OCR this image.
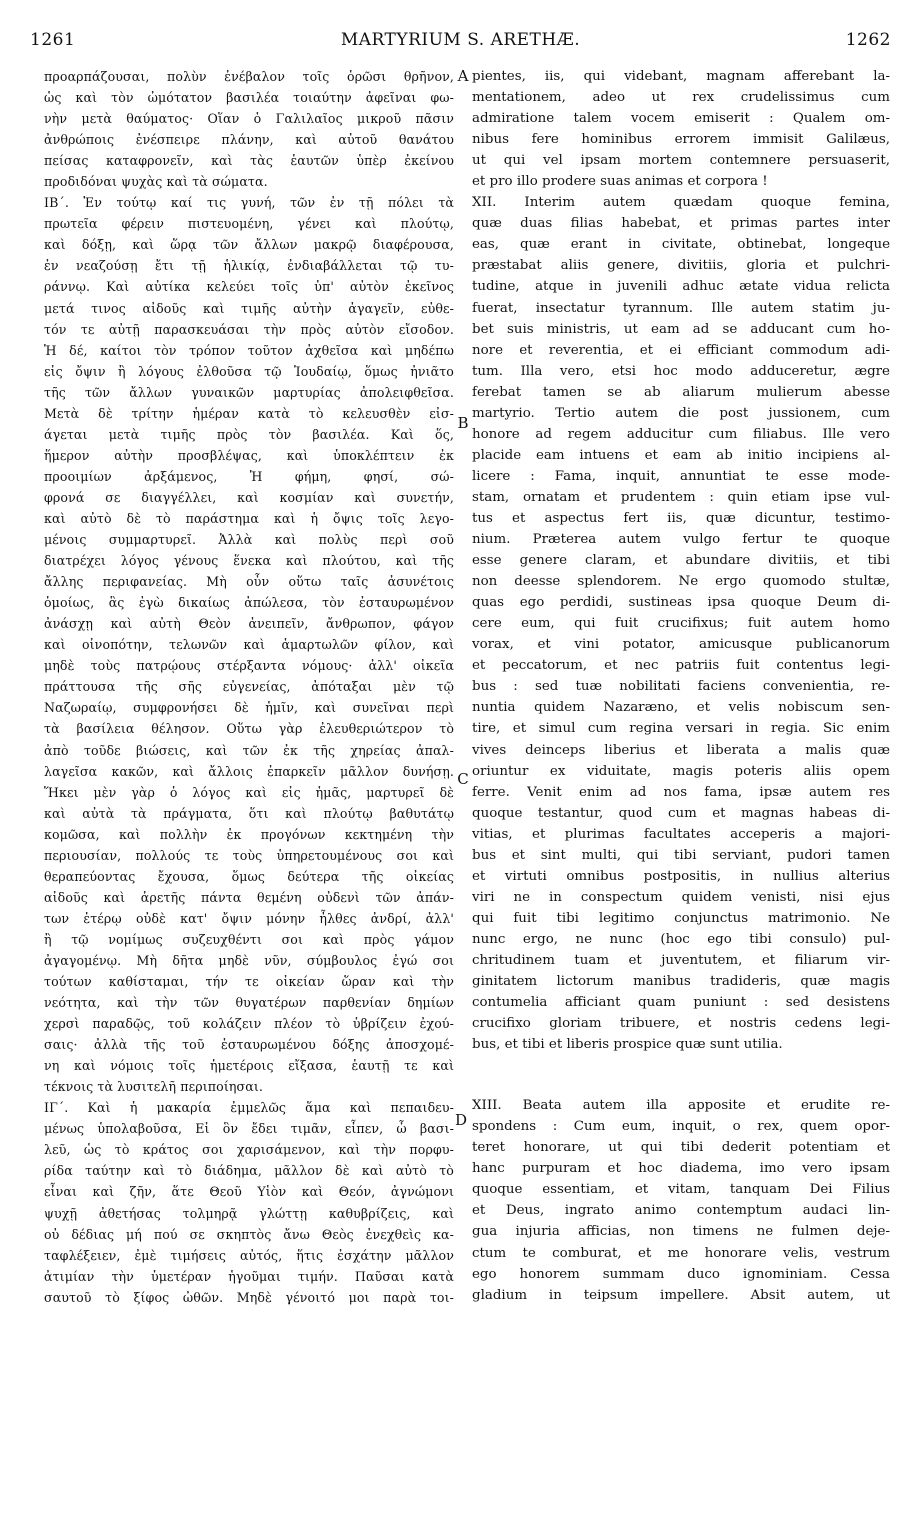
1261	MARTYRIUM S. ARETHÆ.	1262
προαρπάζουσαι, πολὺν ἐνέβαλον τοῖς ὁρῶσι θρῆνον,
ὡς καὶ τὸν ὠμότατον βασιλέα τοιαύτην ἀφεῖναι φω-
νὴν μετὰ θαύματος· Οἵαν ὁ Γαλιλαῖος μικροῦ πᾶσιν
ἀνθρώποις ἐνέσπειρε πλάνην, καὶ αὐτοῦ θανάτου
πείσας καταφρονεῖν, καὶ τὰς ἑαυτῶν ὑπὲρ ἐκείνου
προδιδόναι ψυχὰς καὶ τὰ σώματα.
ΙΒ΄. Ἐν τούτῳ καί τις γυνή, τῶν ἐν τῇ πόλει τὰ
πρωτεῖα φέρειν πιστευομένη, γένει καὶ πλούτῳ,
καὶ δόξῃ, καὶ ὥρᾳ τῶν ἄλλων μακρῷ διαφέρουσα,
ἐν νεαζούσῃ ἔτι τῇ ἡλικίᾳ, ἐνδιαβάλλεται τῷ τυ-
ράννῳ. Καὶ αὐτίκα κελεύει τοῖς ὑπ' αὐτὸν ἐκεῖνος
μετά τινος αἰδοῦς καὶ τιμῆς αὐτὴν ἀγαγεῖν, εὐθε-
τόν τε αὐτῇ παρασκευάσαι τὴν πρὸς αὐτὸν εἴσοδον.
Ἡ δέ, καίτοι τὸν τρόπον τοῦτον ἀχθεῖσα καὶ μηδέπω
εἰς ὄψιν ἢ λόγους ἐλθοῦσα τῷ Ἰουδαίῳ, ὅμως ἠνιᾶτο
τῆς τῶν ἄλλων γυναικῶν μαρτυρίας ἀπολειφθεῖσα.
Μετὰ δὲ τρίτην ἡμέραν κατὰ τὸ κελευσθὲν εἰσ-
άγεται μετὰ τιμῆς πρὸς τὸν βασιλέα. Καὶ ὅς,
ἥμερον αὐτὴν προσβλέψας, καὶ ὑποκλέπτειν ἐκ
προοιμίων ἀρξάμενος, Ἡ φήμη, φησί, σώ-
φρονά σε διαγγέλλει, καὶ κοσμίαν καὶ συνετήν,
καὶ αὐτὸ δὲ τὸ παράστημα καὶ ἡ ὄψις τοῖς λεγο-
μένοις συμμαρτυρεῖ. Ἀλλὰ καὶ πολὺς περὶ σοῦ
διατρέχει λόγος γένους ἕνεκα καὶ πλούτου, καὶ τῆς
ἄλλης περιφανείας. Μὴ οὖν οὕτω ταῖς ἀσυνέτοις
ὁμοίως, ἃς ἐγὼ δικαίως ἀπώλεσα, τὸν ἐσταυρωμένον
ἀνάσχῃ καὶ αὐτὴ Θεὸν ἀνειπεῖν, ἄνθρωπον, φάγον
καὶ οἰνοπότην, τελωνῶν καὶ ἁμαρτωλῶν φίλον, καὶ
μηδὲ τοὺς πατρῴους στέρξαντα νόμους· ἀλλ' οἰκεῖα
πράττουσα τῆς σῆς εὐγενείας, ἀπόταξαι μὲν τῷ
Ναζωραίῳ, συμφρονήσει δὲ ἡμῖν, καὶ συνεῖναι περὶ
τὰ βασίλεια θέλησον. Οὕτω γὰρ ἐλευθεριώτερον τὸ
ἀπὸ τοῦδε βιώσεις, καὶ τῶν ἐκ τῆς χηρείας ἀπαλ-
λαγεῖσα κακῶν, καὶ ἄλλοις ἐπαρκεῖν μᾶλλον δυνήσῃ.
Ἥκει μὲν γὰρ ὁ λόγος καὶ εἰς ἡμᾶς, μαρτυρεῖ δὲ
καὶ αὐτὰ τὰ πράγματα, ὅτι καὶ πλούτῳ βαθυτάτῳ
κομῶσα, καὶ πολλὴν ἐκ προγόνων κεκτημένη τὴν
περιουσίαν, πολλούς τε τοὺς ὑπηρετουμένους σοι καὶ
θεραπεύοντας ἔχουσα, ὅμως δεύτερα τῆς οἰκείας
αἰδοῦς καὶ ἀρετῆς πάντα θεμένη οὐδενὶ τῶν ἀπάν-
των ἑτέρῳ οὐδὲ κατ' ὄψιν μόνην ἦλθες ἀνδρί, ἀλλ'
ἢ τῷ νομίμως συζευχθέντι σοι καὶ πρὸς γάμον
ἀγαγομένῳ. Μὴ δῆτα μηδὲ νῦν, σύμβουλος ἐγώ σοι
τούτων καθίσταμαι, τήν τε οἰκείαν ὥραν καὶ τὴν
νεότητα, καὶ τὴν τῶν θυγατέρων παρθενίαν δημίων
χερσὶ παραδῷς, τοῦ κολάζειν πλέον τὸ ὑβρίζειν ἐχού-
σαις· ἀλλὰ τῆς τοῦ ἐσταυρωμένου δόξης ἀποσχομέ-
νη καὶ νόμοις τοῖς ἡμετέροις εἴξασα, ἑαυτῇ τε καὶ
τέκνοις τὰ λυσιτελῆ περιποίησαι.
ΙΓ΄. Καὶ ἡ μακαρία ἐμμελῶς ἅμα καὶ πεπαιδευ-
μένως ὑπολαβοῦσα, Εἰ ὃν ἔδει τιμᾶν, εἶπεν, ὦ βασι-
λεῦ, ὡς τὸ κράτος σοι χαρισάμενον, καὶ τὴν πορφυ-
ρίδα ταύτην καὶ τὸ διάδημα, μᾶλλον δὲ καὶ αὐτὸ τὸ
εἶναι καὶ ζῆν, ἅτε Θεοῦ Υἱὸν καὶ Θεόν, ἀγνώμονι
ψυχῇ ἀθετήσας τολμηρᾷ γλώττῃ καθυβρίζεις, καὶ
οὐ δέδιας μή πού σε σκηπτὸς ἄνω Θεὸς ἐνεχθεὶς κα-
ταφλέξειεν, ἐμὲ τιμήσεις αὐτός, ἥτις ἐσχάτην μᾶλλον
ἀτιμίαν τὴν ὑμετέραν ἡγοῦμαι τιμήν. Παῦσαι κατὰ
σαυτοῦ τὸ ξίφος ὠθῶν. Μηδὲ γένοιτό μοι παρὰ τοι-
pientes, iis, qui videbant, magnam afferebant la-
mentationem, adeo ut rex crudelissimus cum
admiratione talem vocem emiserit : Qualem om-
nibus fere hominibus errorem immisit Galilæus,
ut qui vel ipsam mortem contemnere persuaserit,
et pro illo prodere suas animas et corpora !
XII. Interim autem quædam quoque femina,
quæ duas filias habebat, et primas partes inter
eas, quæ erant in civitate, obtinebat, longeque
præstabat aliis genere, divitiis, gloria et pulchri-
tudine, atque in juvenili adhuc ætate vidua relicta
fuerat, insectatur tyrannum. Ille autem statim ju-
bet suis ministris, ut eam ad se adducant cum ho-
nore et reverentia, et ei efficiant commodum adi-
tum. Illa vero, etsi hoc modo adduceretur, ægre
ferebat tamen se ab aliarum mulierum abesse
martyrio. Tertio autem die post jussionem, cum
honore ad regem adducitur cum filiabus. Ille vero
placide eam intuens et eam ab initio incipiens al-
licere : Fama, inquit, annuntiat te esse mode-
stam, ornatam et prudentem : quin etiam ipse vul-
tus et aspectus fert iis, quæ dicuntur, testimo-
nium. Præterea autem vulgo fertur te quoque
esse genere claram, et abundare divitiis, et tibi
non deesse splendorem. Ne ergo quomodo stultæ,
quas ego perdidi, sustineas ipsa quoque Deum di-
cere eum, qui fuit crucifixus; fuit autem homo
vorax, et vini potator, amicusque publicanorum
et peccatorum, et nec patriis fuit contentus legi-
bus : sed tuæ nobilitati faciens convenientia, re-
nuntia quidem Nazaræno, et velis nobiscum sen-
tire, et simul cum regina versari in regia. Sic enim
vives deinceps liberius et liberata a malis quæ
oriuntur ex viduitate, magis poteris aliis opem
ferre. Venit enim ad nos fama, ipsæ autem res
quoque testantur, quod cum et magnas habeas di-
vitias, et plurimas facultates acceperis a majori-
bus et sint multi, qui tibi serviant, pudori tamen
et virtuti omnibus postpositis, in nullius alterius
viri ne in conspectum quidem venisti, nisi ejus
qui fuit tibi legitimo conjunctus matrimonio. Ne
nunc ergo, ne nunc (hoc ego tibi consulo) pul-
chritudinem tuam et juventutem, et filiarum vir-
ginitatem lictorum manibus tradideris, quæ magis
contumelia afficiant quam puniunt : sed desistens
crucifixo gloriam tribuere, et nostris cedens legi-
bus, et tibi et liberis prospice quæ sunt utilia.
XIII. Beata autem illa apposite et erudite re-
spondens : Cum eum, inquit, o rex, quem opor-
teret honorare, ut qui tibi dederit potentiam et
hanc purpuram et hoc diadema, imo vero ipsam
quoque essentiam, et vitam, tanquam Dei Filius
et Deus, ingrato animo contemptum audaci lin-
gua injuria afficias, non timens ne fulmen deje-
ctum te comburat, et me honorare velis, vestrum
ego honorem summam duco ignominiam. Cessa
gladium in teipsum impellere. Absit autem, ut
A
B
C
D
